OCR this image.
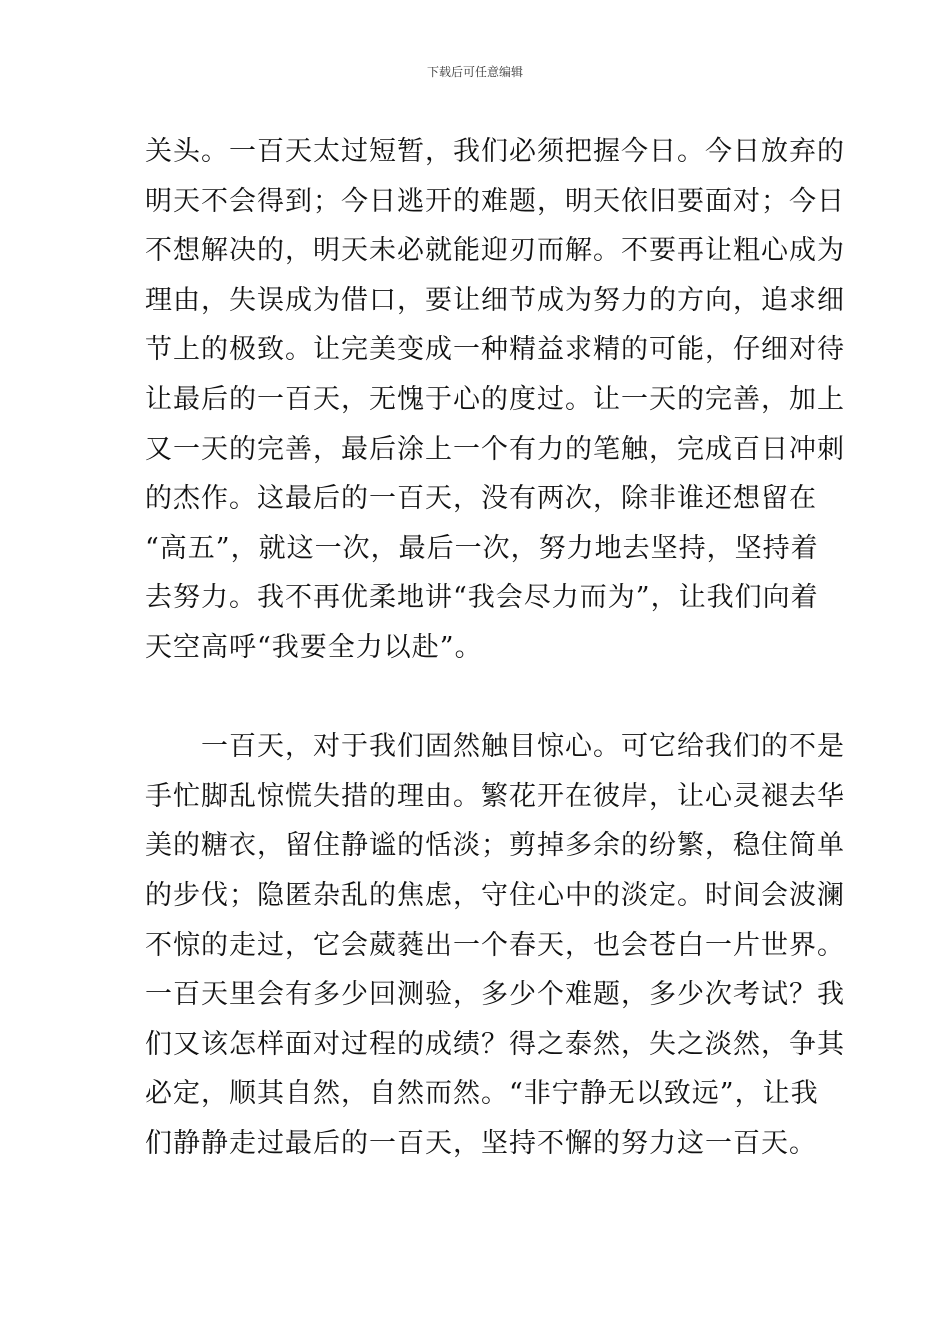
下载后可任意编辑
关头。一百天太过短暂，我们必须把握今日。今日放弃的
明天不会得到；今日逃开的难题，明天依旧要面对；今日
不想解决的，明天未必就能迎刃而解。不要再让粗心成为
理由，失误成为借口，要让细节成为努力的方向，追求细
节上的极致。让完美变成一种精益求精的可能，仔细对待
让最后的一百天，无愧于心的度过。让一天的完善，加上
又一天的完善，最后涂上一个有力的笔触，完成百日冲刺
的杰作。这最后的一百天，没有两次，除非谁还想留在
“高五”，就这一次，最后一次，努力地去坚持，坚持着
去努力。我不再优柔地讲“我会尽力而为”，让我们向着
天空高呼“我要全力以赴”。
一百天，对于我们固然触目惊心。可它给我们的不是
手忙脚乱惊慌失措的理由。繁花开在彼岸，让心灵褪去华
美的糖衣，留住静谧的恬淡；剪掉多余的纷繁，稳住简单
的步伐；隐匿杂乱的焦虑，守住心中的淡定。时间会波澜
不惊的走过，它会葳蕤出一个春天，也会苍白一片世界。
一百天里会有多少回测验，多少个难题，多少次考试？我
们又该怎样面对过程的成绩？得之泰然，失之淡然，争其
必定，顺其自然，自然而然。“非宁静无以致远”，让我
们静静走过最后的一百天，坚持不懈的努力这一百天。
